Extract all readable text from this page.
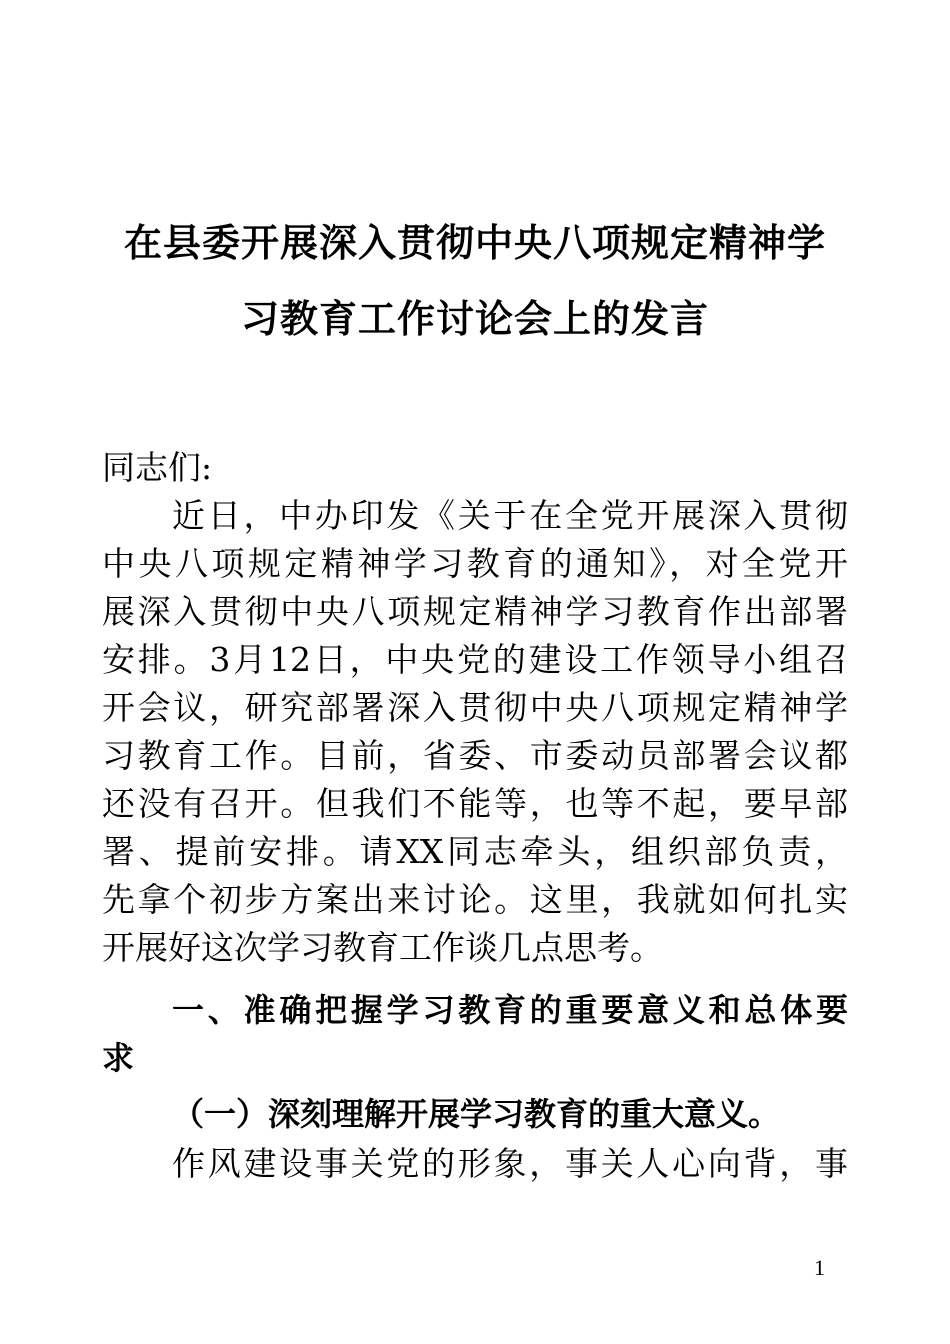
在县委开展深入贯彻中央八项规定精神学
习教育工作讨论会上的发言
同志们:
近日，中办印发《关于在全党开展深入贯彻
中央八项规定精神学习教育的通知》，对全党开
展深入贯彻中央八项规定精神学习教育作出部署
安排。3月12日，中央党的建设工作领导小组召
开会议，研究部署深入贯彻中央八项规定精神学
习教育工作。目前，省委、市委动员部署会议都
还没有召开。但我们不能等，也等不起，要早部
署、提前安排。请XX同志牵头，组织部负责，
先拿个初步方案出来讨论。这里，我就如何扎实
开展好这次学习教育工作谈几点思考。
一、准确把握学习教育的重要意义和总体要
求
（一）深刻理解开展学习教育的重大意义。
作风建设事关党的形象，事关人心向背，事
1
